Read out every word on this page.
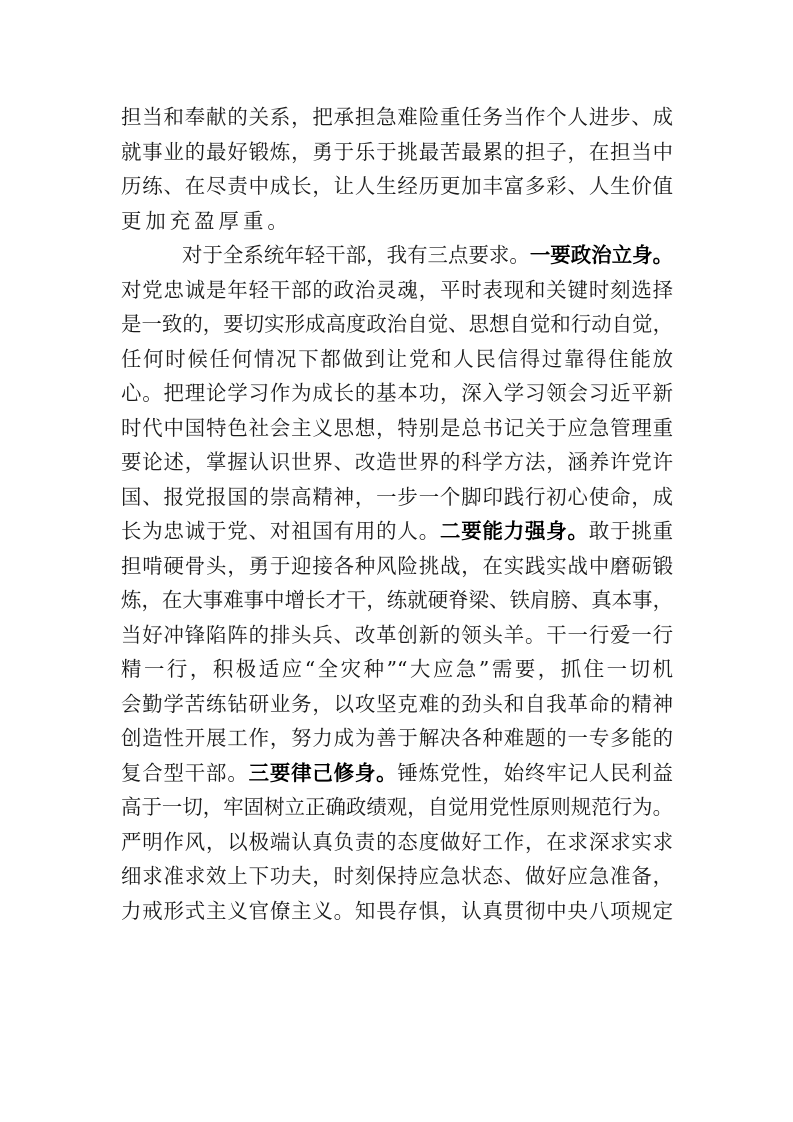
担当和奉献的关系，把承担急难险重任务当作个人进步、成
就事业的最好锻炼，勇于乐于挑最苦最累的担子，在担当中
历练、在尽责中成长，让人生经历更加丰富多彩、人生价值
更加充盈厚重。
对于全系统年轻干部，我有三点要求。一要政治立身。
对党忠诚是年轻干部的政治灵魂，平时表现和关键时刻选择
是一致的，要切实形成高度政治自觉、思想自觉和行动自觉，
任何时候任何情况下都做到让党和人民信得过靠得住能放
心。把理论学习作为成长的基本功，深入学习领会习近平新
时代中国特色社会主义思想，特别是总书记关于应急管理重
要论述，掌握认识世界、改造世界的科学方法，涵养许党许
国、报党报国的崇高精神，一步一个脚印践行初心使命，成
长为忠诚于党、对祖国有用的人。二要能力强身。敢于挑重
担啃硬骨头，勇于迎接各种风险挑战，在实践实战中磨砺锻
炼，在大事难事中增长才干，练就硬脊梁、铁肩膀、真本事，
当好冲锋陷阵的排头兵、改革创新的领头羊。干一行爱一行
精一行，积极适应“全灾种”“大应急”需要，抓住一切机
会勤学苦练钻研业务，以攻坚克难的劲头和自我革命的精神
创造性开展工作，努力成为善于解决各种难题的一专多能的
复合型干部。三要律己修身。锤炼党性，始终牢记人民利益
高于一切，牢固树立正确政绩观，自觉用党性原则规范行为。
严明作风，以极端认真负责的态度做好工作，在求深求实求
细求准求效上下功夫，时刻保持应急状态、做好应急准备，
力戒形式主义官僚主义。知畏存惧，认真贯彻中央八项规定
